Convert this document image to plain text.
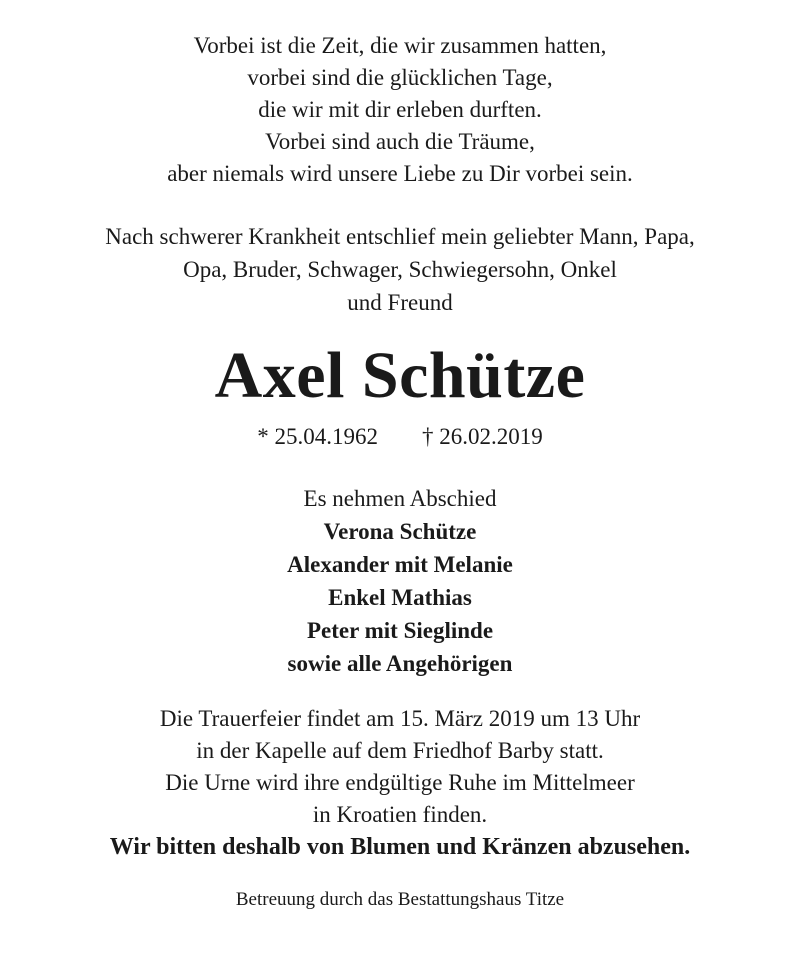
Vorbei ist die Zeit, die wir zusammen hatten,
vorbei sind die glücklichen Tage,
die wir mit dir erleben durften.
Vorbei sind auch die Träume,
aber niemals wird unsere Liebe zu Dir vorbei sein.
Nach schwerer Krankheit entschlief mein geliebter Mann, Papa,
Opa, Bruder, Schwager, Schwiegersohn, Onkel
und Freund
Axel Schütze
* 25.04.1962 † 26.02.2019
Es nehmen Abschied
Verona Schütze
Alexander mit Melanie
Enkel Mathias
Peter mit Sieglinde
sowie alle Angehörigen
Die Trauerfeier findet am 15. März 2019 um 13 Uhr
in der Kapelle auf dem Friedhof Barby statt.
Die Urne wird ihre endgültige Ruhe im Mittelmeer
in Kroatien finden.
Wir bitten deshalb von Blumen und Kränzen abzusehen.
Betreuung durch das Bestattungshaus Titze
